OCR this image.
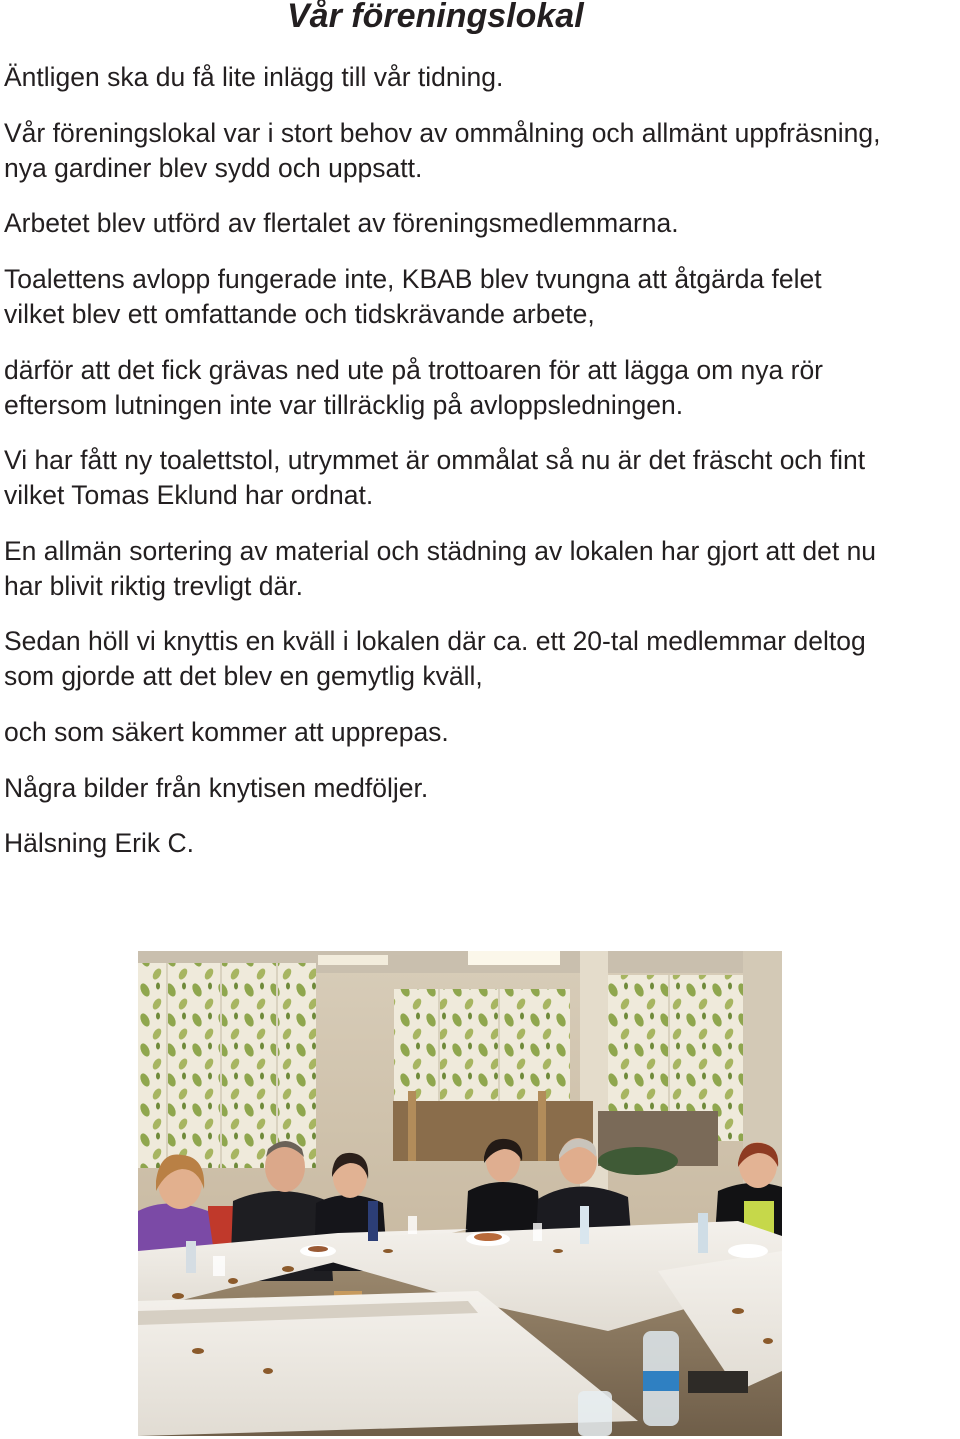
Vår föreningslokal

Äntligen ska du få lite inlägg till vår tidning.

Vår föreningslokal var i stort behov av ommålning och allmänt uppfräsning,
nya gardiner blev sydd och uppsatt.

Arbetet blev utförd av flertalet av föreningsmedlemmarna.

Toalettens avlopp fungerade inte, KBAB blev tvungna att åtgärda felet
vilket blev ett omfattande och tidskrävande arbete,

därför att det fick grävas ned ute på trottoaren för att lägga om nya rör
eftersom lutningen inte var tillräcklig på avloppsledningen.

Vi har fått ny toalettstol, utrymmet är ommålat så nu är det fräscht och fint
vilket Tomas Eklund har ordnat.

En allmän sortering av material och städning av lokalen har gjort att det nu
har blivit riktig trevligt där.

Sedan höll vi knyttis en kväll i lokalen där ca. ett 20-tal medlemmar deltog
som gjorde att det blev en gemytlig kväll,

och som säkert kommer att upprepas.

Några bilder från knytisen medföljer.

Hälsning Erik C.
